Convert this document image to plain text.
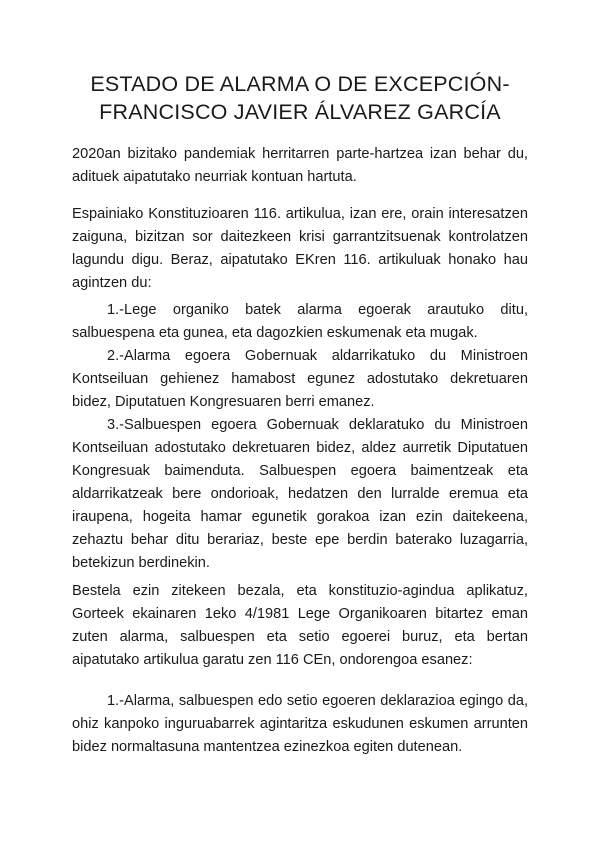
ESTADO DE ALARMA O DE EXCEPCIÓN-
FRANCISCO JAVIER ÁLVAREZ GARCÍA

2020an bizitako pandemiak herritarren parte-hartzea izan behar du, adituek aipatutako neurriak kontuan hartuta.

Espainiako Konstituzioaren 116. artikulua, izan ere, orain interesatzen zaiguna, bizitzan sor daitezkeen krisi garrantzitsuenak kontrolatzen lagundu digu. Beraz, aipatutako EKren 116. artikuluak honako hau agintzen du:

1.-Lege organiko batek alarma egoerak arautuko ditu, salbuespena eta gunea, eta dagozkien eskumenak eta mugak.

2.-Alarma egoera Gobernuak aldarrikatuko du Ministroen Kontseiluan gehienez hamabost egunez adostutako dekretuaren bidez, Diputatuen Kongresuaren berri emanez.

3.-Salbuespen egoera Gobernuak deklaratuko du Ministroen Kontseiluan adostutako dekretuaren bidez, aldez aurretik Diputatuen Kongresuak baimenduta. Salbuespen egoera baimentzeak eta aldarrikatzeak bere ondorioak, hedatzen den lurralde eremua eta iraupena, hogeita hamar egunetik gorakoa izan ezin daitekeena, zehaztu behar ditu berariaz, beste epe berdin baterako luzagarria, betekizun berdinekin.

Bestela ezin zitekeen bezala, eta konstituzio-agindua aplikatuz, Gorteek ekainaren 1eko 4/1981 Lege Organikoaren bitartez eman zuten alarma, salbuespen eta setio egoerei buruz, eta bertan aipatutako artikulua garatu zen 116 CEn, ondorengoa esanez:

1.-Alarma, salbuespen edo setio egoeren deklarazioa egingo da, ohiz kanpoko inguruabarrek agintaritza eskudunen eskumen arrunten bidez normaltasuna mantentzea ezinezkoa egiten dutenean.
